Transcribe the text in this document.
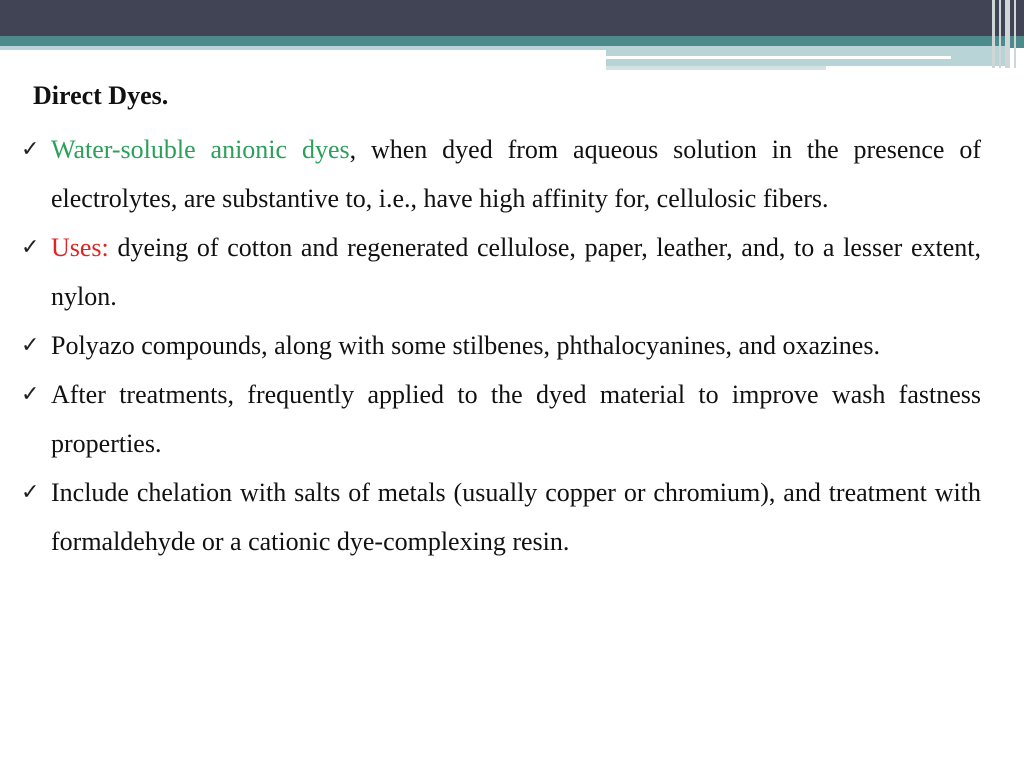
Direct Dyes.
✓ Water-soluble anionic dyes, when dyed from aqueous solution in the presence of electrolytes, are substantive to, i.e., have high affinity for, cellulosic fibers.
✓ Uses: dyeing of cotton and regenerated cellulose, paper, leather, and, to a lesser extent, nylon.
✓ Polyazo compounds, along with some stilbenes, phthalocyanines, and oxazines.
✓ After treatments, frequently applied to the dyed material to improve wash fastness properties.
✓ Include chelation with salts of metals (usually copper or chromium), and treatment with formaldehyde or a cationic dye-complexing resin.
